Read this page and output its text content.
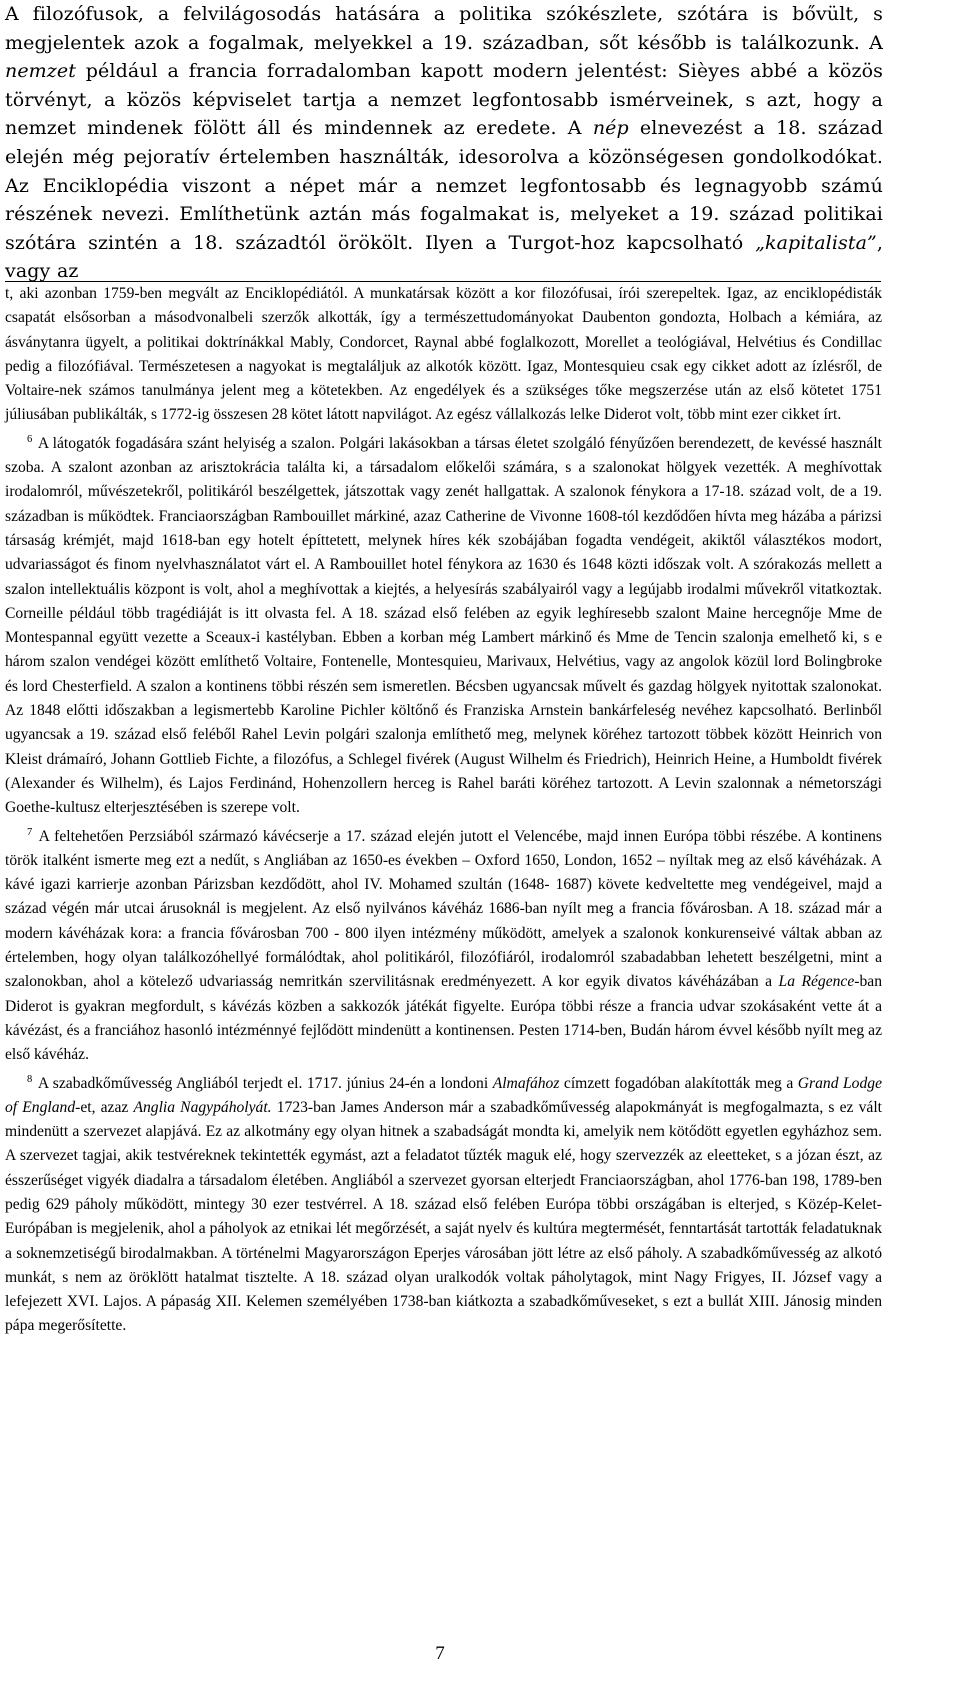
A filozófusok, a felvilágosodás hatására a politika szókészlete, szótára is bővült, s megjelentek azok a fogalmak, melyekkel a 19. században, sőt később is találkozunk. A nemzet például a francia forradalomban kapott modern jelentést: Sièyes abbé a közös törvényt, a közös képviselet tartja a nemzet legfontosabb ismérveinek, s azt, hogy a nemzet mindenek fölött áll és mindennek az eredete. A nép elnevezést a 18. század elején még pejoratív értelemben használták, idesorolva a közönségesen gondolkodókat. Az Enciklopédia viszont a népet már a nemzet legfontosabb és legnagyobb számú részének nevezi. Említhetünk aztán más fogalmakat is, melyeket a 19. század politikai szótára szintén a 18. századtól örökölt. Ilyen a Turgot-hoz kapcsolható „kapitalista”, vagy az

t, aki azonban 1759-ben megvált az Enciklopédiától. A munkatársak között a kor filozófusai, írói szerepeltek. Igaz, az enciklopédisták csapatát elsősorban a másodvonalbeli szerzők alkották, így a természettudományokat Daubenton gondozta, Holbach a kémiára, az ásványtanra ügyelt, a politikai doktrínákkal Mably, Condorcet, Raynal abbé foglalkozott, Morellet a teológiával, Helvétius és Condillac pedig a filozófiával. Természetesen a nagyokat is megtaláljuk az alkotók között. Igaz, Montesquieu csak egy cikket adott az ízlésről, de Voltaire-nek számos tanulmánya jelent meg a kötetekben. Az engedélyek és a szükséges tőke megszerzése után az első kötetet 1751 júliusában publikálták, s 1772-ig összesen 28 kötet látott napvilágot. Az egész vállalkozás lelke Diderot volt, több mint ezer cikket írt.

$^6$ A látogatók fogadására szánt helyiség a szalon. Polgári lakásokban a társas életet szolgáló fényűzően berendezett, de kevéssé használt szoba. A szalont azonban az arisztokrácia találta ki, a társadalom előkelői számára, s a szalonokat hölgyek vezették. A meghívottak irodalomról, művészetekről, politikáról beszélgettek, játszottak vagy zenét hallgattak. A szalonok fénykora a 17-18. század volt, de a 19. században is működtek. Franciaországban Rambouillet márkiné, azaz Catherine de Vivonne 1608-tól kezdődően hívta meg házába a párizsi társaság krémjét, majd 1618-ban egy hotelt építtetett, melynek híres kék szobájában fogadta vendégeit, akiktől választékos modort, udvariasságot és finom nyelvhasználatot várt el. A Rambouillet hotel fénykora az 1630 és 1648 közti időszak volt. A szórakozás mellett a szalon intellektuális központ is volt, ahol a meghívottak a kiejtés, a helyesírás szabályairól vagy a legújabb irodalmi művekről vitatkoztak. Corneille például több tragédiáját is itt olvasta fel. A 18. század első felében az egyik leghíresebb szalont Maine hercegnője Mme de Montespannal együtt vezette a Sceaux-i kastélyban. Ebben a korban még Lambert márkinő és Mme de Tencin szalonja emelhető ki, s e három szalon vendégei között említhető Voltaire, Fontenelle, Montesquieu, Marivaux, Helvétius, vagy az angolok közül lord Bolingbroke és lord Chesterfield. A szalon a kontinens többi részén sem ismeretlen. Bécsben ugyancsak művelt és gazdag hölgyek nyitottak szalonokat. Az 1848 előtti időszakban a legismertebb Karoline Pichler költőnő és Franziska Arnstein bankárfeleség nevéhez kapcsolható. Berlinből ugyancsak a 19. század első feléből Rahel Levin polgári szalonja említhető meg, melynek köréhez tartozott többek között Heinrich von Kleist drámaíró, Johann Gottlieb Fichte, a filozófus, a Schlegel fivérek (August Wilhelm és Friedrich), Heinrich Heine, a Humboldt fivérek (Alexander és Wilhelm), és Lajos Ferdinánd, Hohenzollern herceg is Rahel baráti köréhez tartozott. A Levin szalonnak a németországi Goethe-kultusz elterjesztésében is szerepe volt.

$^7$ A feltehetően Perzsiából származó kávécserje a 17. század elején jutott el Velencébe, majd innen Európa többi részébe. A kontinens török italként ismerte meg ezt a nedűt, s Angliában az 1650-es években – Oxford 1650, London, 1652 – nyíltak meg az első kávéházak. A kávé igazi karrierje azonban Párizsban kezdődött, ahol IV. Mohamed szultán (1648- 1687) követe kedveltette meg vendégeivel, majd a század végén már utcai árusoknál is megjelent. Az első nyilvános kávéház 1686-ban nyílt meg a francia fővárosban. A 18. század már a modern kávéházak kora: a francia fővárosban 700 - 800 ilyen intézmény működött, amelyek a szalonok konkurenseivé váltak abban az értelemben, hogy olyan találkozóhellyé formálódtak, ahol politikáról, filozófiáról, irodalomról szabadabban lehetett beszélgetni, mint a szalonokban, ahol a kötelező udvariasság nemritkán szervilitásnak eredményezett. A kor egyik divatos kávéházában a La Régence-ban Diderot is gyakran megfordult, s kávézás közben a sakkozók játékát figyelte. Európa többi része a francia udvar szokásaként vette át a kávézást, és a franciához hasonló intézménnyé fejlődött mindenütt a kontinensen. Pesten 1714-ben, Budán három évvel később nyílt meg az első kávéház.

$^8$ A szabadkőművesség Angliából terjedt el. 1717. június 24-én a londoni Almafához címzett fogadóban alakították meg a Grand Lodge of England-et, azaz Anglia Nagypáholyát. 1723-ban James Anderson már a szabadkőművesség alapokmányát is megfogalmazta, s ez vált mindenütt a szervezet alapjává. Ez az alkotmány egy olyan hitnek a szabadságát mondta ki, amelyik nem kötődött egyetlen egyházhoz sem. A szervezet tagjai, akik testvéreknek tekintették egymást, azt a feladatot tűzték maguk elé, hogy szervezzék az eleetteket, s a józan észt, az ésszerűséget vigyék diadalra a társadalom életében. Angliából a szervezet gyorsan elterjedt Franciaországban, ahol 1776-ban 198, 1789-ben pedig 629 páholy működött, mintegy 30 ezer testvérrel. A 18. század első felében Európa többi országában is elterjed, s Közép-Kelet-Európában is megjelenik, ahol a páholyok az etnikai lét megőrzését, a saját nyelv és kultúra megtermését, fenntartását tartották feladatuknak a soknemzetiségű birodalmakban. A történelmi Magyarországon Eperjes városában jött létre az első páholy. A szabadkőművesség az alkotó munkát, s nem az öröklött hatalmat tisztelte. A 18. század olyan uralkodók voltak páholytagok, mint Nagy Frigyes, II. József vagy a lefejezett XVI. Lajos. A pápaság XII. Kelemen személyében 1738-ban kiátkozta a szabadkőműveseket, s ezt a bullát XIII. Jánosig minden pápa megerősítette.

7
